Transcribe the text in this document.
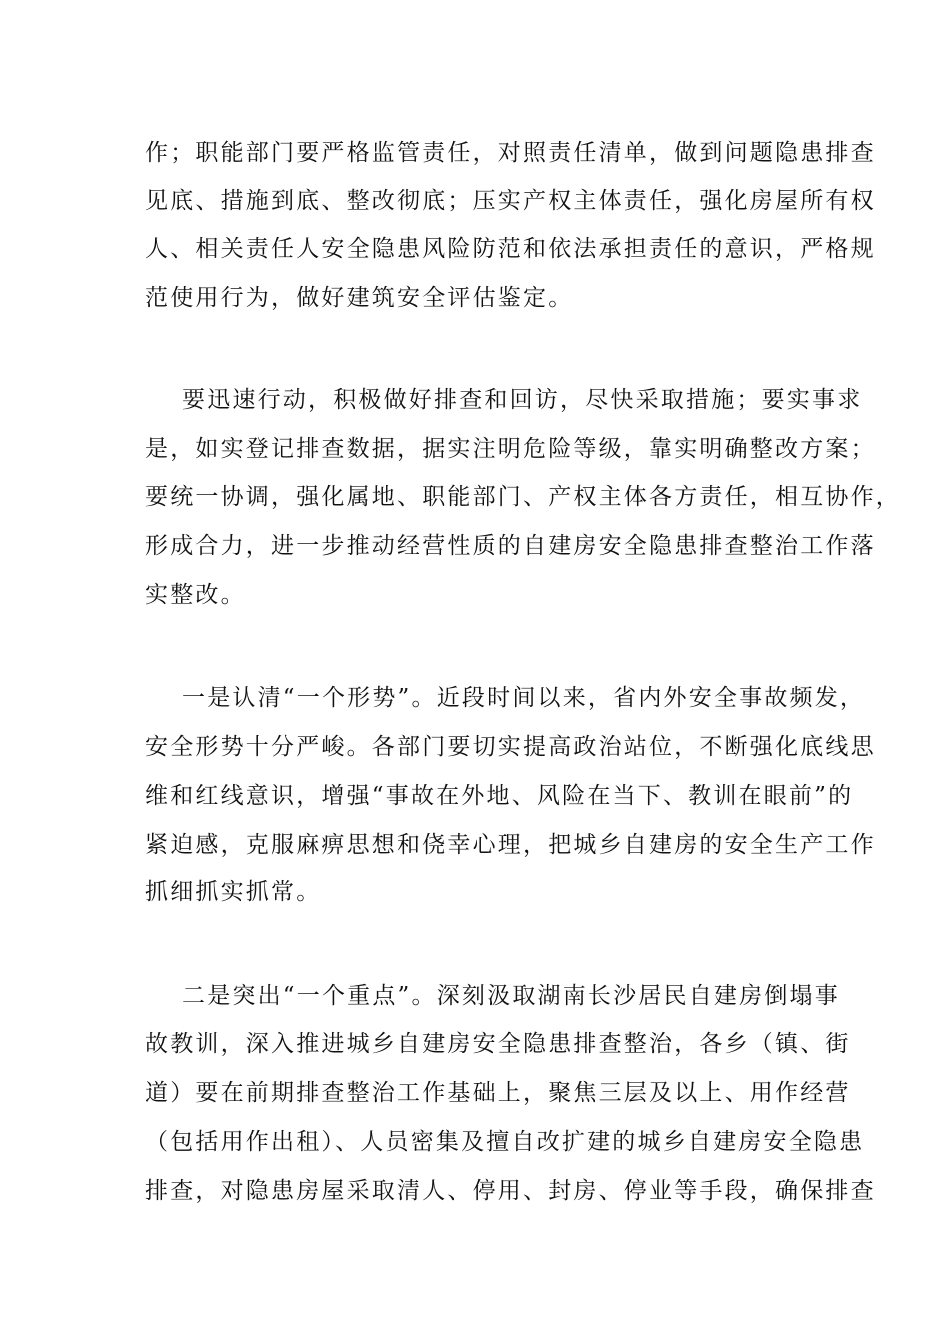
作；职能部门要严格监管责任，对照责任清单，做到问题隐患排查
见底、措施到底、整改彻底；压实产权主体责任，强化房屋所有权
人、相关责任人安全隐患风险防范和依法承担责任的意识，严格规
范使用行为，做好建筑安全评估鉴定。
要迅速行动，积极做好排查和回访，尽快采取措施；要实事求
是，如实登记排查数据，据实注明危险等级，靠实明确整改方案；
要统一协调，强化属地、职能部门、产权主体各方责任，相互协作，
形成合力，进一步推动经营性质的自建房安全隐患排查整治工作落
实整改。
一是认清“一个形势”。近段时间以来，省内外安全事故频发，
安全形势十分严峻。各部门要切实提高政治站位，不断强化底线思
维和红线意识，增强“事故在外地、风险在当下、教训在眼前”的
紧迫感，克服麻痹思想和侥幸心理，把城乡自建房的安全生产工作
抓细抓实抓常。
二是突出“一个重点”。深刻汲取湖南长沙居民自建房倒塌事
故教训，深入推进城乡自建房安全隐患排查整治，各乡（镇、街
道）要在前期排查整治工作基础上，聚焦三层及以上、用作经营
（包括用作出租）、人员密集及擅自改扩建的城乡自建房安全隐患
排查，对隐患房屋采取清人、停用、封房、停业等手段，确保排查
